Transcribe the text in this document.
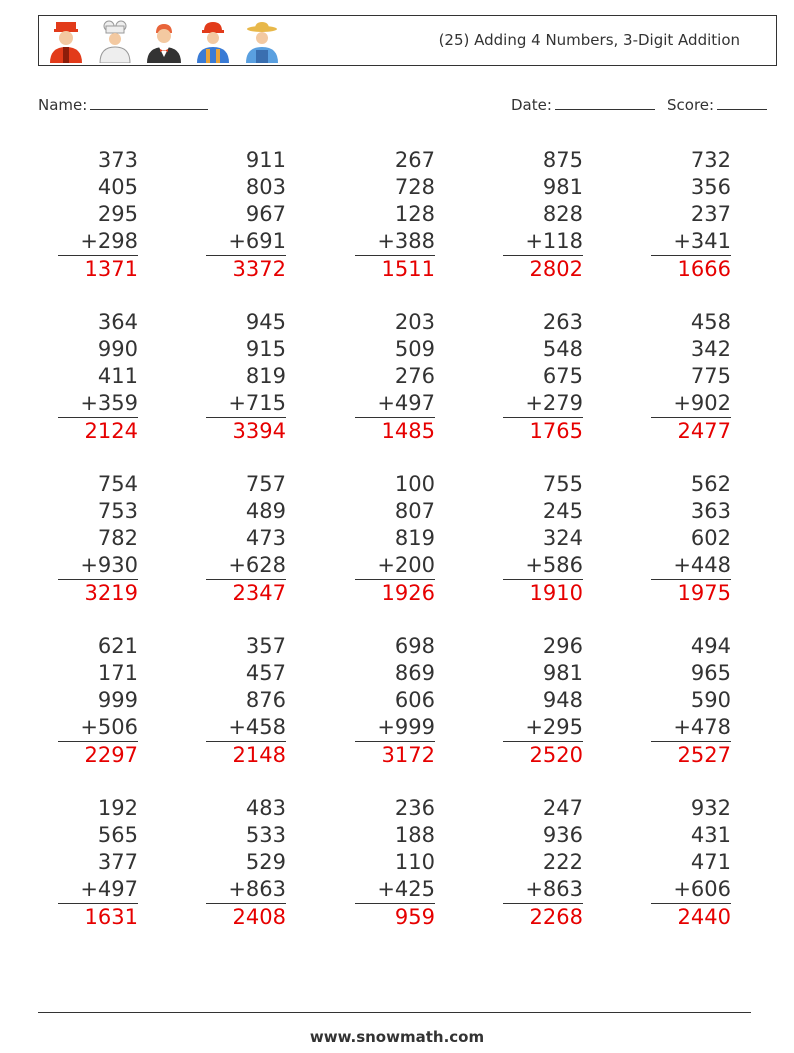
(25) Adding 4 Numbers, 3-Digit Addition
Name:	Date:	Score:
373
405
295
+298
1371
911
803
967
+691
3372
267
728
128
+388
1511
875
981
828
+118
2802
732
356
237
+341
1666
364
990
411
+359
2124
945
915
819
+715
3394
203
509
276
+497
1485
263
548
675
+279
1765
458
342
775
+902
2477
754
753
782
+930
3219
757
489
473
+628
2347
100
807
819
+200
1926
755
245
324
+586
1910
562
363
602
+448
1975
621
171
999
+506
2297
357
457
876
+458
2148
698
869
606
+999
3172
296
981
948
+295
2520
494
965
590
+478
2527
192
565
377
+497
1631
483
533
529
+863
2408
236
188
110
+425
959
247
936
222
+863
2268
932
431
471
+606
2440
www.snowmath.com
